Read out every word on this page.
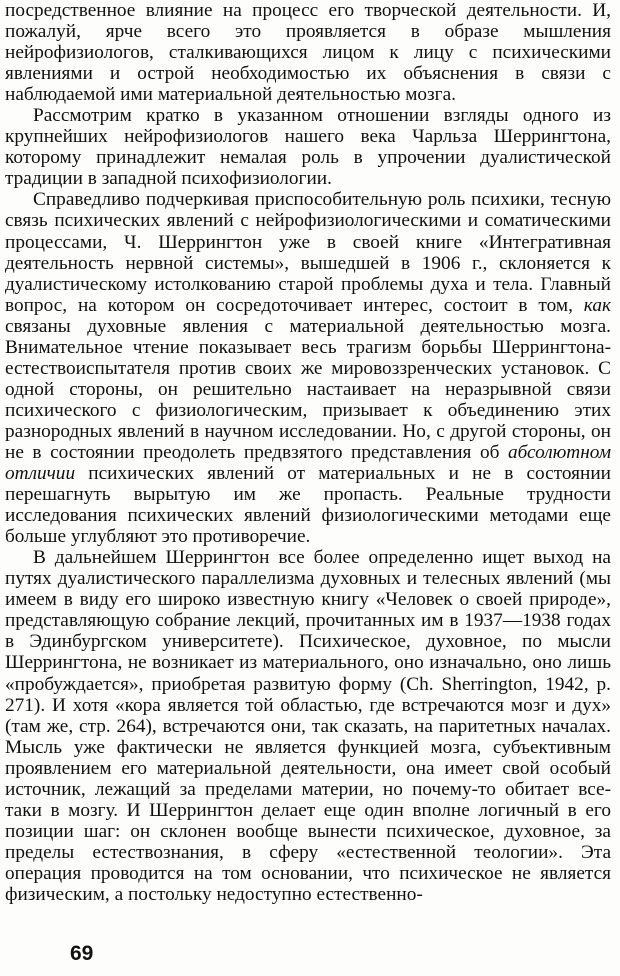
посредственное влияние на процесс его творческой деятельности. И, пожалуй, ярче всего это проявляется в образе мышления нейрофизиологов, сталкивающихся лицом к лицу с психическими явлениями и острой необходимостью их объяснения в связи с наблюдаемой ими материальной деятельностью мозга.

Рассмотрим кратко в указанном отношении взгляды одного из крупнейших нейрофизиологов нашего века Чарльза Шеррингтона, которому принадлежит немалая роль в упрочении дуалистической традиции в западной психофизиологии.

Справедливо подчеркивая приспособительную роль психики, тесную связь психических явлений с нейрофизиологическими и соматическими процессами, Ч. Шеррингтон уже в своей книге «Интегративная деятельность нервной системы», вышедшей в 1906 г., склоняется к дуалистическому истолкованию старой проблемы духа и тела. Главный вопрос, на котором он сосредоточивает интерес, состоит в том, как связаны духовные явления с материальной деятельностью мозга. Внимательное чтение показывает весь трагизм борьбы Шеррингтона-естествоиспытателя против своих же мировоззренческих установок. С одной стороны, он решительно настаивает на неразрывной связи психического с физиологическим, призывает к объединению этих разнородных явлений в научном исследовании. Но, с другой стороны, он не в состоянии преодолеть предвзятого представления об абсолютном отличии психических явлений от материальных и не в состоянии перешагнуть вырытую им же пропасть. Реальные трудности исследования психических явлений физиологическими методами еще больше углубляют это противоречие.

В дальнейшем Шеррингтон все более определенно ищет выход на путях дуалистического параллелизма духовных и телесных явлений (мы имеем в виду его широко известную книгу «Человек о своей природе», представляющую собрание лекций, прочитанных им в 1937—1938 годах в Эдинбургском университете). Психическое, духовное, по мысли Шеррингтона, не возникает из материального, оно изначально, оно лишь «пробуждается», приобретая развитую форму (Ch. Sherrington, 1942, p. 271). И хотя «кора является той областью, где встречаются мозг и дух» (там же, стр. 264), встречаются они, так сказать, на паритетных началах. Мысль уже фактически не является функцией мозга, субъективным проявлением его материальной деятельности, она имеет свой особый источник, лежащий за пределами материи, но почему-то обитает все-таки в мозгу. И Шеррингтон делает еще один вполне логичный в его позиции шаг: он склонен вообще вынести психическое, духовное, за пределы естествознания, в сферу «естественной теологии». Эта операция проводится на том основании, что психическое не является физическим, а постольку недоступно естественно-

69
